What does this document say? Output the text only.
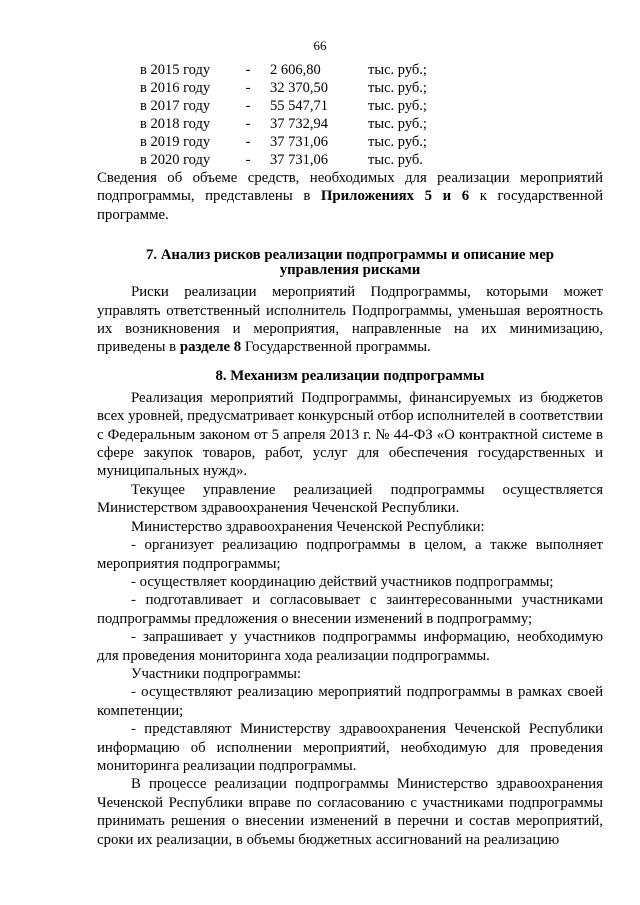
66
в 2015 году	-	2 606,80	тыс. руб.;
в 2016 году	-	32 370,50	тыс. руб.;
в 2017 году	-	55 547,71	тыс. руб.;
в 2018 году	-	37 732,94	тыс. руб.;
в 2019 году	-	37 731,06	тыс. руб.;
в 2020 году	-	37 731,06	тыс. руб.

Сведения об объеме средств, необходимых для реализации мероприятий подпрограммы, представлены в Приложениях 5 и 6 к государственной программе.

7. Анализ рисков реализации подпрограммы и описание мер
управления рисками

Риски реализации мероприятий Подпрограммы, которыми может управлять ответственный исполнитель Подпрограммы, уменьшая вероятность их возникновения и мероприятия, направленные на их минимизацию, приведены в разделе 8 Государственной программы.

8. Механизм реализации подпрограммы

Реализация мероприятий Подпрограммы, финансируемых из бюджетов всех уровней, предусматривает конкурсный отбор исполнителей в соответствии с Федеральным законом от 5 апреля 2013 г. № 44-ФЗ «О контрактной системе в сфере закупок товаров, работ, услуг для обеспечения государственных и муниципальных нужд».

Текущее управление реализацией подпрограммы осуществляется Министерством здравоохранения Чеченской Республики.

Министерство здравоохранения Чеченской Республики:

- организует реализацию подпрограммы в целом, а также выполняет мероприятия подпрограммы;

- осуществляет координацию действий участников подпрограммы;

- подготавливает и согласовывает с заинтересованными участниками подпрограммы предложения о внесении изменений в подпрограмму;

- запрашивает у участников подпрограммы информацию, необходимую для проведения мониторинга хода реализации подпрограммы.

Участники подпрограммы:

- осуществляют реализацию мероприятий подпрограммы в рамках своей компетенции;

- представляют Министерству здравоохранения Чеченской Республики информацию об исполнении мероприятий, необходимую для проведения мониторинга реализации подпрограммы.

В процессе реализации подпрограммы Министерство здравоохранения Чеченской Республики вправе по согласованию с участниками подпрограммы принимать решения о внесении изменений в перечни и состав мероприятий, сроки их реализации, в объемы бюджетных ассигнований на реализацию
